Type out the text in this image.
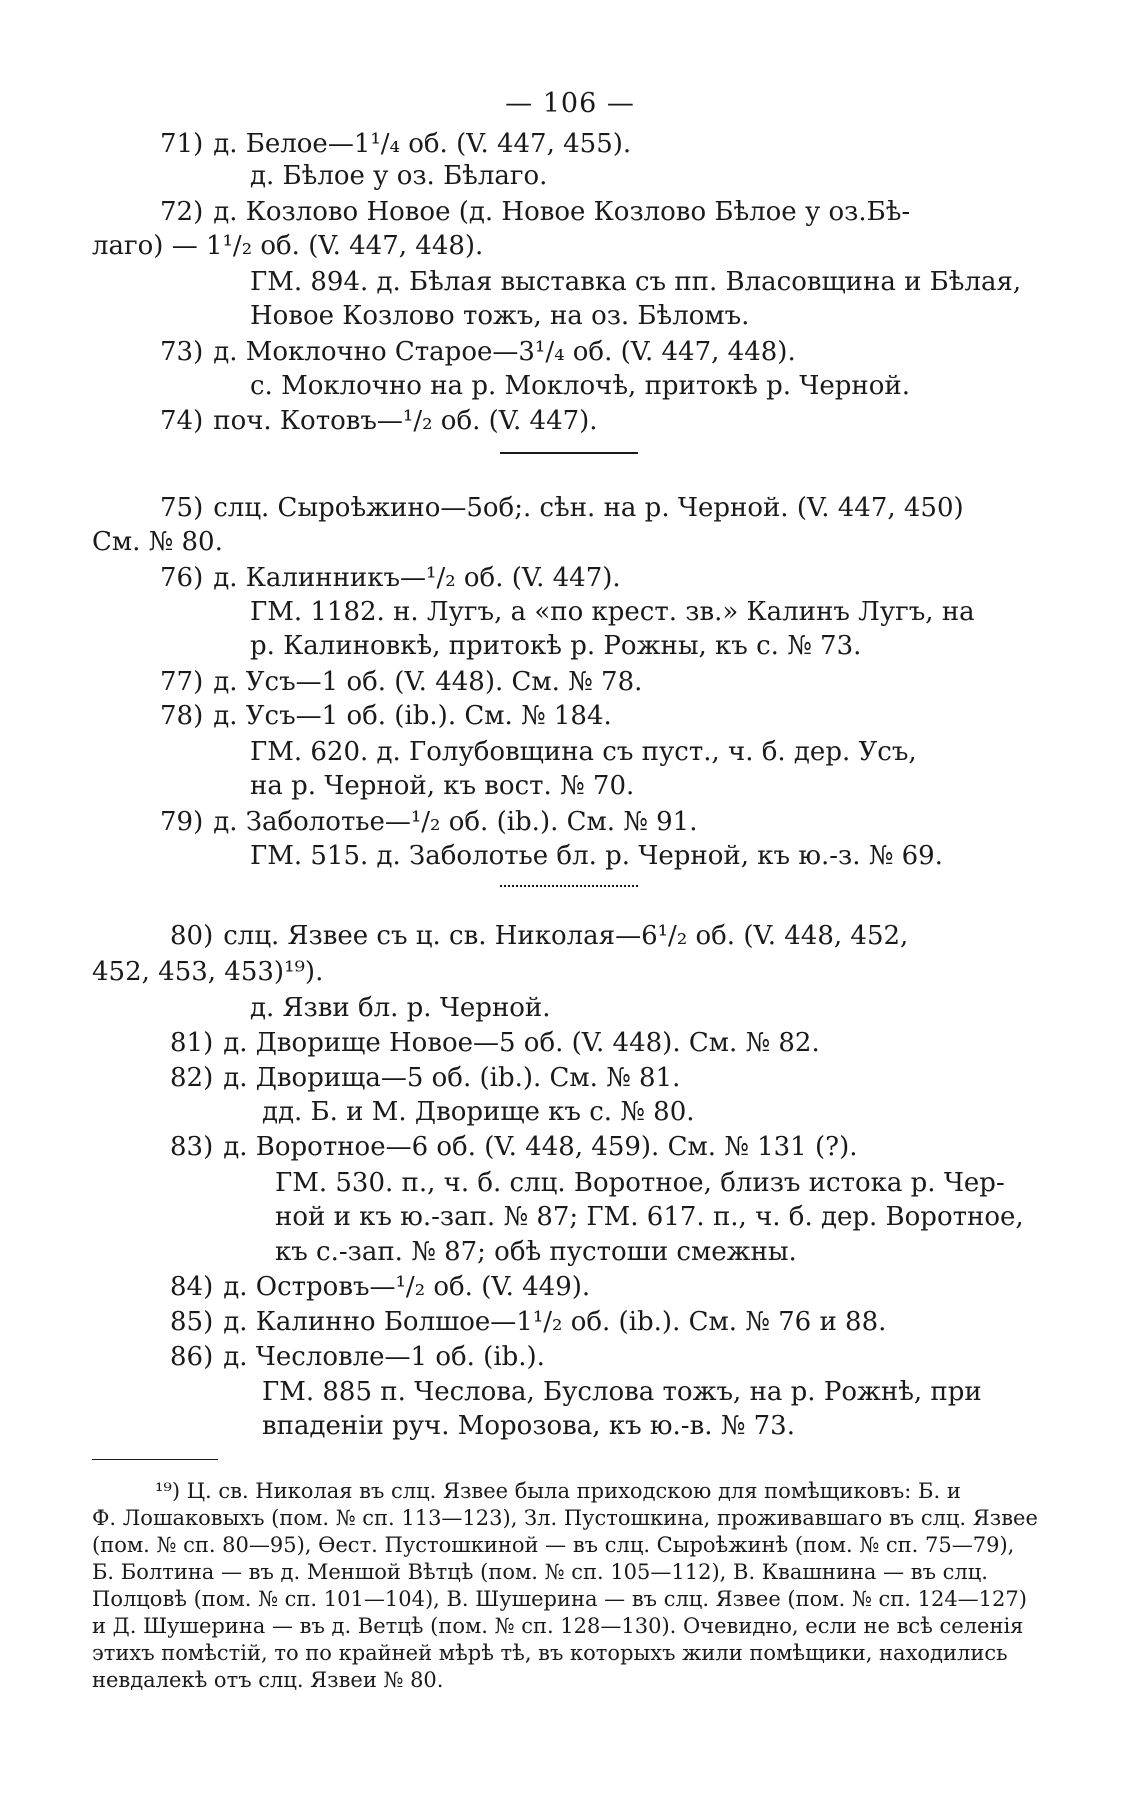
— 106 —
71) д. Белое—1¹/₄ об. (V. 447, 455).
д. Бѣлое у оз. Бѣлаго.
72) д. Козлово Новое (д. Новое Козлово Бѣлое у оз.Бѣ-
лаго) — 1¹/₂ об. (V. 447, 448).
ГМ. 894. д. Бѣлая выставка съ пп. Власовщина и Бѣлая,
Новое Козлово тожъ, на оз. Бѣломъ.
73) д. Моклочно Старое—3¹/₄ об. (V. 447, 448).
с. Моклочно на р. Моклочѣ, притокѣ р. Черной.
74) поч. Котовъ—¹/₂ об. (V. 447).
75) слц. Сыроѣжино—5об;. сѣн. на р. Черной. (V. 447, 450)
См. № 80.
76) д. Калинникъ—¹/₂ об. (V. 447).
ГМ. 1182. н. Лугъ, а «по крест. зв.» Калинъ Лугъ, на
р. Калиновкѣ, притокѣ р. Рожны, къ с. № 73.
77) д. Усъ—1 об. (V. 448). См. № 78.
78) д. Усъ—1 об. (ib.). См. № 184.
ГМ. 620. д. Голубовщина съ пуст., ч. б. дер. Усъ,
на р. Черной, къ вост. № 70.
79) д. Заболотье—¹/₂ об. (ib.). См. № 91.
ГМ. 515. д. Заболотье бл. р. Черной, къ ю.-з. № 69.
80) слц. Язвее съ ц. св. Николая—6¹/₂ об. (V. 448, 452,
452, 453, 453)¹⁹).
д. Язви бл. р. Черной.
81) д. Дворище Новое—5 об. (V. 448). См. № 82.
82) д. Дворища—5 об. (ib.). См. № 81.
дд. Б. и М. Дворище къ с. № 80.
83) д. Воротное—6 об. (V. 448, 459). См. № 131 (?).
ГМ. 530. п., ч. б. слц. Воротное, близъ истока р. Чер-
ной и къ ю.-зап. № 87; ГМ. 617. п., ч. б. дер. Воротное,
къ с.-зап. № 87; обѣ пустоши смежны.
84) д. Островъ—¹/₂ об. (V. 449).
85) д. Калинно Болшое—1¹/₂ об. (ib.). См. № 76 и 88.
86) д. Чесловле—1 об. (ib.).
ГМ. 885 п. Чеслова, Буслова тожъ, на р. Рожнѣ, при
впаденіи руч. Морозова, къ ю.-в. № 73.
¹⁹) Ц. св. Николая въ слц. Язвее была приходскою для помѣщиковъ: Б. и
Ф. Лошаковыхъ (пом. № сп. 113—123), Зл. Пустошкина, проживавшаго въ слц. Язвее
(пом. № сп. 80—95), Ѳест. Пустошкиной — въ слц. Сыроѣжинѣ (пом. № сп. 75—79),
Б. Болтина — въ д. Меншой Вѣтцѣ (пом. № сп. 105—112), В. Квашнина — въ слц.
Полцовѣ (пом. № сп. 101—104), В. Шушерина — въ слц. Язвее (пом. № сп. 124—127)
и Д. Шушерина — въ д. Ветцѣ (пом. № сп. 128—130). Очевидно, если не всѣ селенія
этихъ помѣстій, то по крайней мѣрѣ тѣ, въ которыхъ жили помѣщики, находились
невдалекѣ отъ слц. Язвеи № 80.
